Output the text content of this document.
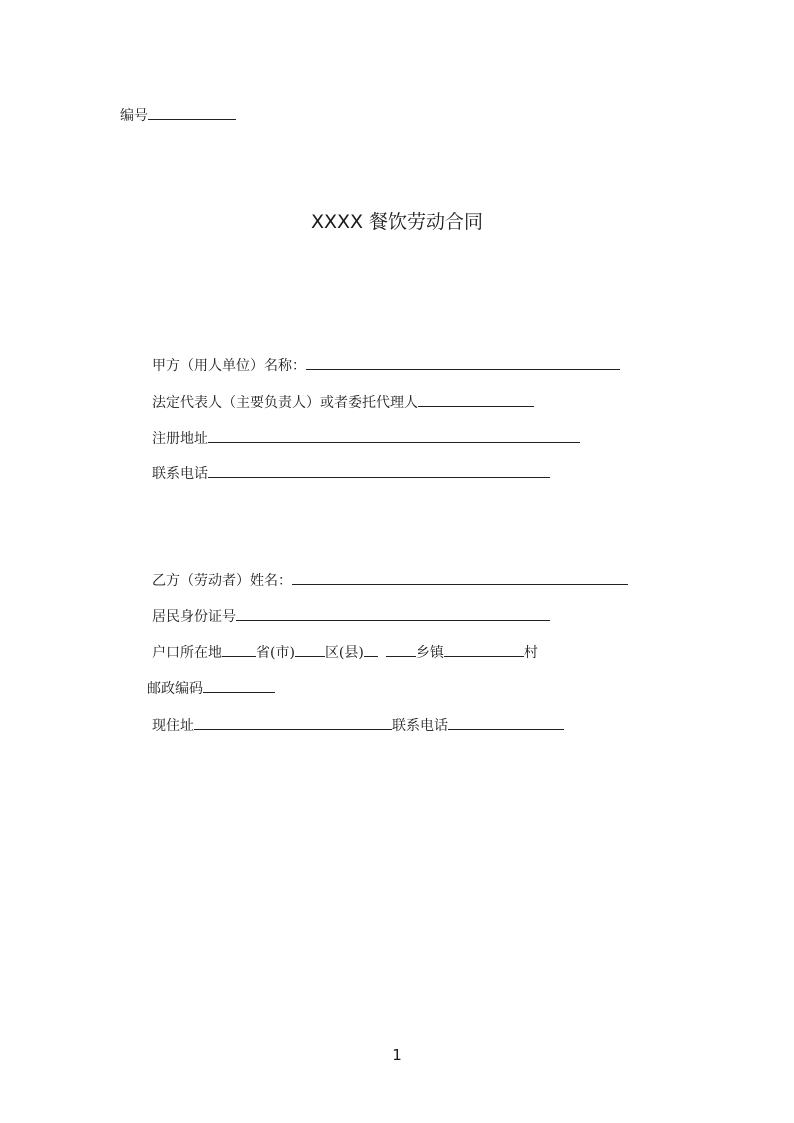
编号
XXXX 餐饮劳动合同
甲方（用人单位）名称：
法定代表人（主要负责人）或者委托代理人
注册地址
联系电话
乙方（劳动者）姓名：
居民身份证号
户口所在地 省(市) 区(县)	乡镇	村
邮政编码
现住址	联系电话
1
